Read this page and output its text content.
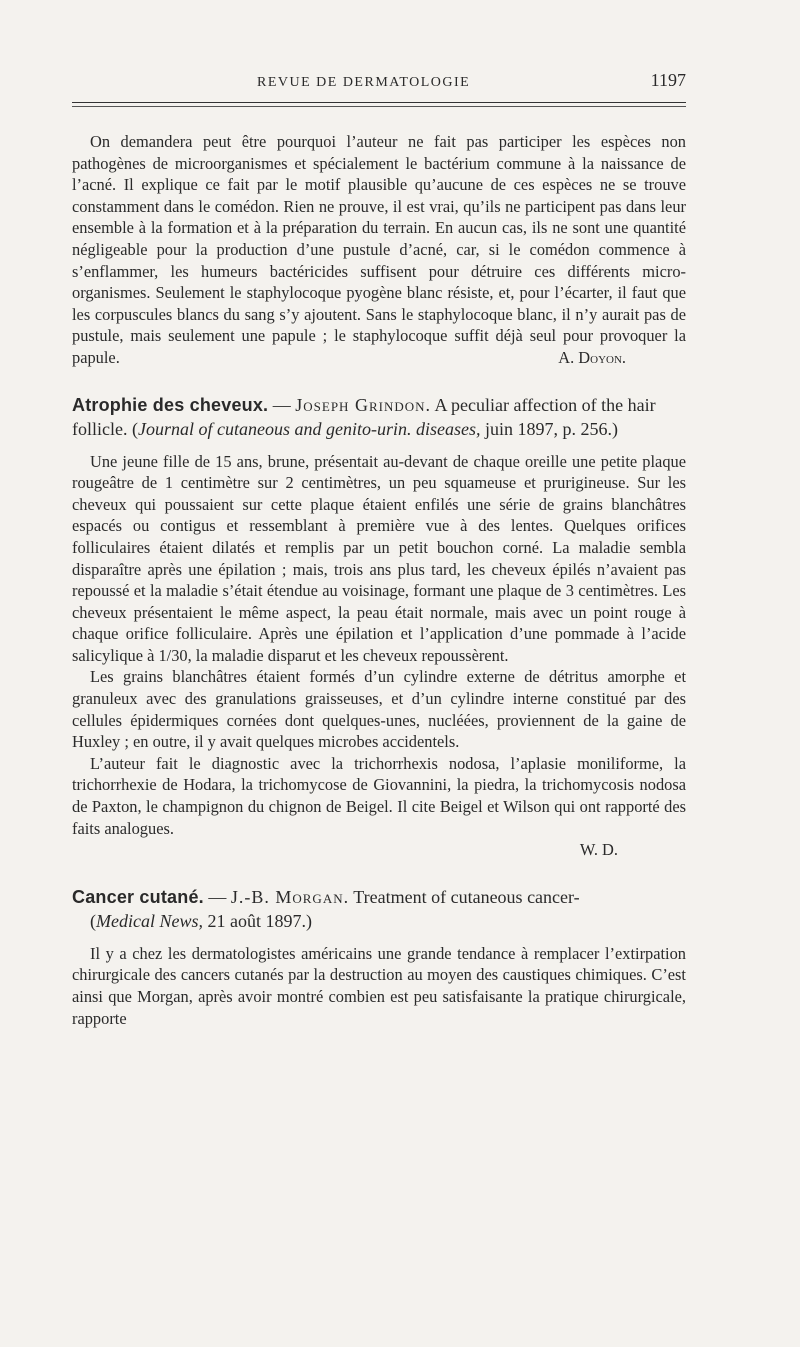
REVUE DE DERMATOLOGIE	1197

On demandera peut être pourquoi l’auteur ne fait pas participer les espèces non pathogènes de microorganismes et spécialement le bactérium commune à la naissance de l’acné. Il explique ce fait par le motif plausible qu’aucune de ces espèces ne se trouve constamment dans le comédon. Rien ne prouve, il est vrai, qu’ils ne participent pas dans leur ensemble à la formation et à la préparation du terrain. En aucun cas, ils ne sont une quantité négligeable pour la production d’une pustule d’acné, car, si le comédon commence à s’enflammer, les humeurs bactéricides suffisent pour détruire ces différents micro-organismes. Seulement le staphylocoque pyogène blanc résiste, et, pour l’écarter, il faut que les corpuscules blancs du sang s’y ajoutent. Sans le staphylocoque blanc, il n’y aurait pas de pustule, mais seulement une papule ; le staphylocoque suffit déjà seul pour provoquer la papule.	A. Doyon.

Atrophie des cheveux. — Joseph Grindon. A peculiar affection of the hair follicle. (Journal of cutaneous and genito-urin. diseases, juin 1897, p. 256.)

Une jeune fille de 15 ans, brune, présentait au-devant de chaque oreille une petite plaque rougeâtre de 1 centimètre sur 2 centimètres, un peu squameuse et prurigineuse. Sur les cheveux qui poussaient sur cette plaque étaient enfilés une série de grains blanchâtres espacés ou contigus et ressemblant à première vue à des lentes. Quelques orifices folliculaires étaient dilatés et remplis par un petit bouchon corné. La maladie sembla disparaître après une épilation ; mais, trois ans plus tard, les cheveux épilés n’avaient pas repoussé et la maladie s’était étendue au voisinage, formant une plaque de 3 centimètres. Les cheveux présentaient le même aspect, la peau était normale, mais avec un point rouge à chaque orifice folliculaire. Après une épilation et l’application d’une pommade à l’acide salicylique à 1/30, la maladie disparut et les cheveux repoussèrent.

Les grains blanchâtres étaient formés d’un cylindre externe de détritus amorphe et granuleux avec des granulations graisseuses, et d’un cylindre interne constitué par des cellules épidermiques cornées dont quelques-unes, nucléées, proviennent de la gaine de Huxley ; en outre, il y avait quelques microbes accidentels.

L’auteur fait le diagnostic avec la trichorrhexis nodosa, l’aplasie moniliforme, la trichorrhexie de Hodara, la trichomycose de Giovannini, la piedra, la trichomycosis nodosa de Paxton, le champignon du chignon de Beigel. Il cite Beigel et Wilson qui ont rapporté des faits analogues.

W. D.

Cancer cutané. — J.-B. Morgan. Treatment of cutaneous cancer-
(Medical News, 21 août 1897.)

Il y a chez les dermatologistes américains une grande tendance à remplacer l’extirpation chirurgicale des cancers cutanés par la destruction au moyen des caustiques chimiques. C’est ainsi que Morgan, après avoir montré combien est peu satisfaisante la pratique chirurgicale, rapporte
